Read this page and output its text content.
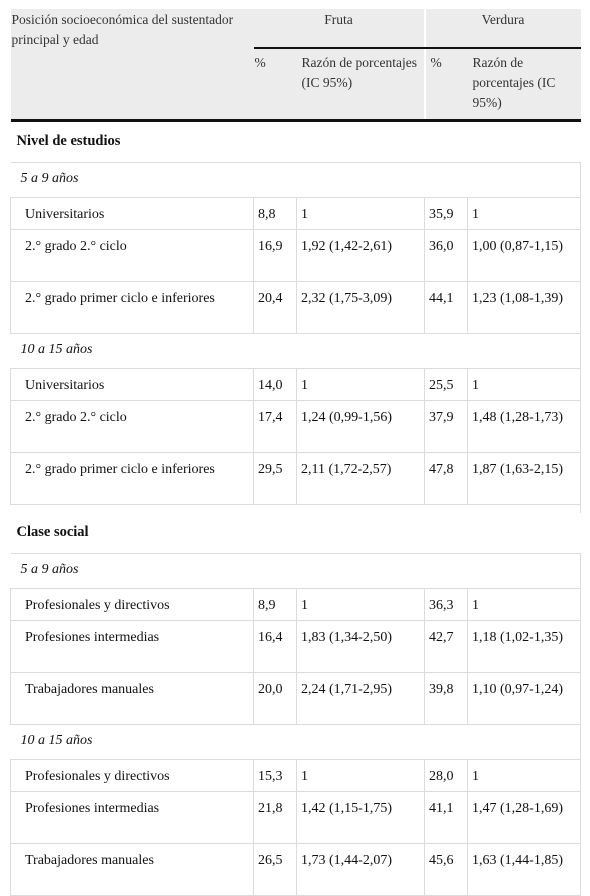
Posición socioeconómica del sustentador principal y edad	Fruta		Verdura	
	%	Razón de porcentajes (IC 95%)	%	Razón de porcentajes (IC 95%)

Nivel de estudios				
5 a 9 años				
Universitarios	8,8	1	35,9	1
2.° grado 2.° ciclo	16,9	1,92 (1,42-2,61)	36,0	1,00 (0,87-1,15)
2.° grado primer ciclo e inferiores	20,4	2,32 (1,75-3,09)	44,1	1,23 (1,08-1,39)
10 a 15 años				
Universitarios	14,0	1	25,5	1
2.° grado 2.° ciclo	17,4	1,24 (0,99-1,56)	37,9	1,48 (1,28-1,73)
2.° grado primer ciclo e inferiores	29,5	2,11 (1,72-2,57)	47,8	1,87 (1,63-2,15)

Clase social				
5 a 9 años				
Profesionales y directivos	8,9	1	36,3	1
Profesiones intermedias	16,4	1,83 (1,34-2,50)	42,7	1,18 (1,02-1,35)
Trabajadores manuales	20,0	2,24 (1,71-2,95)	39,8	1,10 (0,97-1,24)
10 a 15 años				
Profesionales y directivos	15,3	1	28,0	1
Profesiones intermedias	21,8	1,42 (1,15-1,75)	41,1	1,47 (1,28-1,69)
Trabajadores manuales	26,5	1,73 (1,44-2,07)	45,6	1,63 (1,44-1,85)
